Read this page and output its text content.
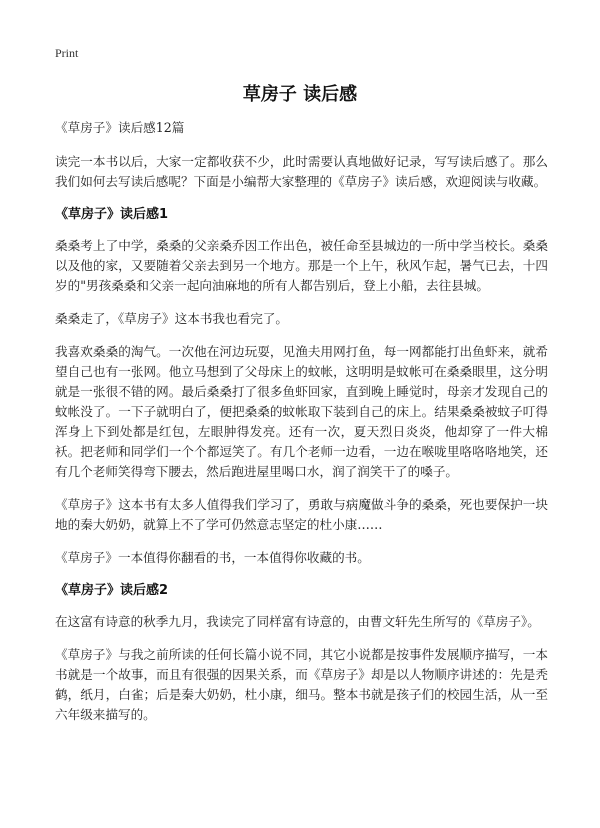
Print
草房子 读后感

《草房子》读后感12篇

读完一本书以后，大家一定都收获不少，此时需要认真地做好记录，写写读后感了。那么我们如何去写读后感呢？下面是小编帮大家整理的《草房子》读后感，欢迎阅读与收藏。

《草房子》读后感1

桑桑考上了中学，桑桑的父亲桑乔因工作出色，被任命至县城边的一所中学当校长。桑桑以及他的家，又要随着父亲去到另一个地方。那是一个上午，秋风乍起，暑气已去，十四岁的"男孩桑桑和父亲一起向油麻地的所有人都告别后，登上小船，去往县城。

桑桑走了，《草房子》这本书我也看完了。

我喜欢桑桑的淘气。一次他在河边玩耍，见渔夫用网打鱼，每一网都能打出鱼虾来，就希望自己也有一张网。他立马想到了父母床上的蚊帐，这明明是蚊帐可在桑桑眼里，这分明就是一张很不错的网。最后桑桑打了很多鱼虾回家，直到晚上睡觉时，母亲才发现自己的蚊帐没了。一下子就明白了，便把桑桑的蚊帐取下装到自己的床上。结果桑桑被蚊子叮得浑身上下到处都是红包，左眼肿得发亮。还有一次，夏天烈日炎炎，他却穿了一件大棉袄。把老师和同学们一个个都逗笑了。有几个老师一边看，一边在喉咙里咯咯咯地笑，还有几个老师笑得弯下腰去，然后跑进屋里喝口水，润了润笑干了的嗓子。

《草房子》这本书有太多人值得我们学习了，勇敢与病魔做斗争的桑桑，死也要保护一块地的秦大奶奶，就算上不了学可仍然意志坚定的杜小康……

《草房子》一本值得你翻看的书，一本值得你收藏的书。

《草房子》读后感2

在这富有诗意的秋季九月，我读完了同样富有诗意的，由曹文轩先生所写的《草房子》。

《草房子》与我之前所读的任何长篇小说不同，其它小说都是按事件发展顺序描写，一本书就是一个故事，而且有很强的因果关系，而《草房子》却是以人物顺序讲述的：先是秃鹤，纸月，白雀；后是秦大奶奶，杜小康，细马。整本书就是孩子们的校园生活，从一至六年级来描写的。
